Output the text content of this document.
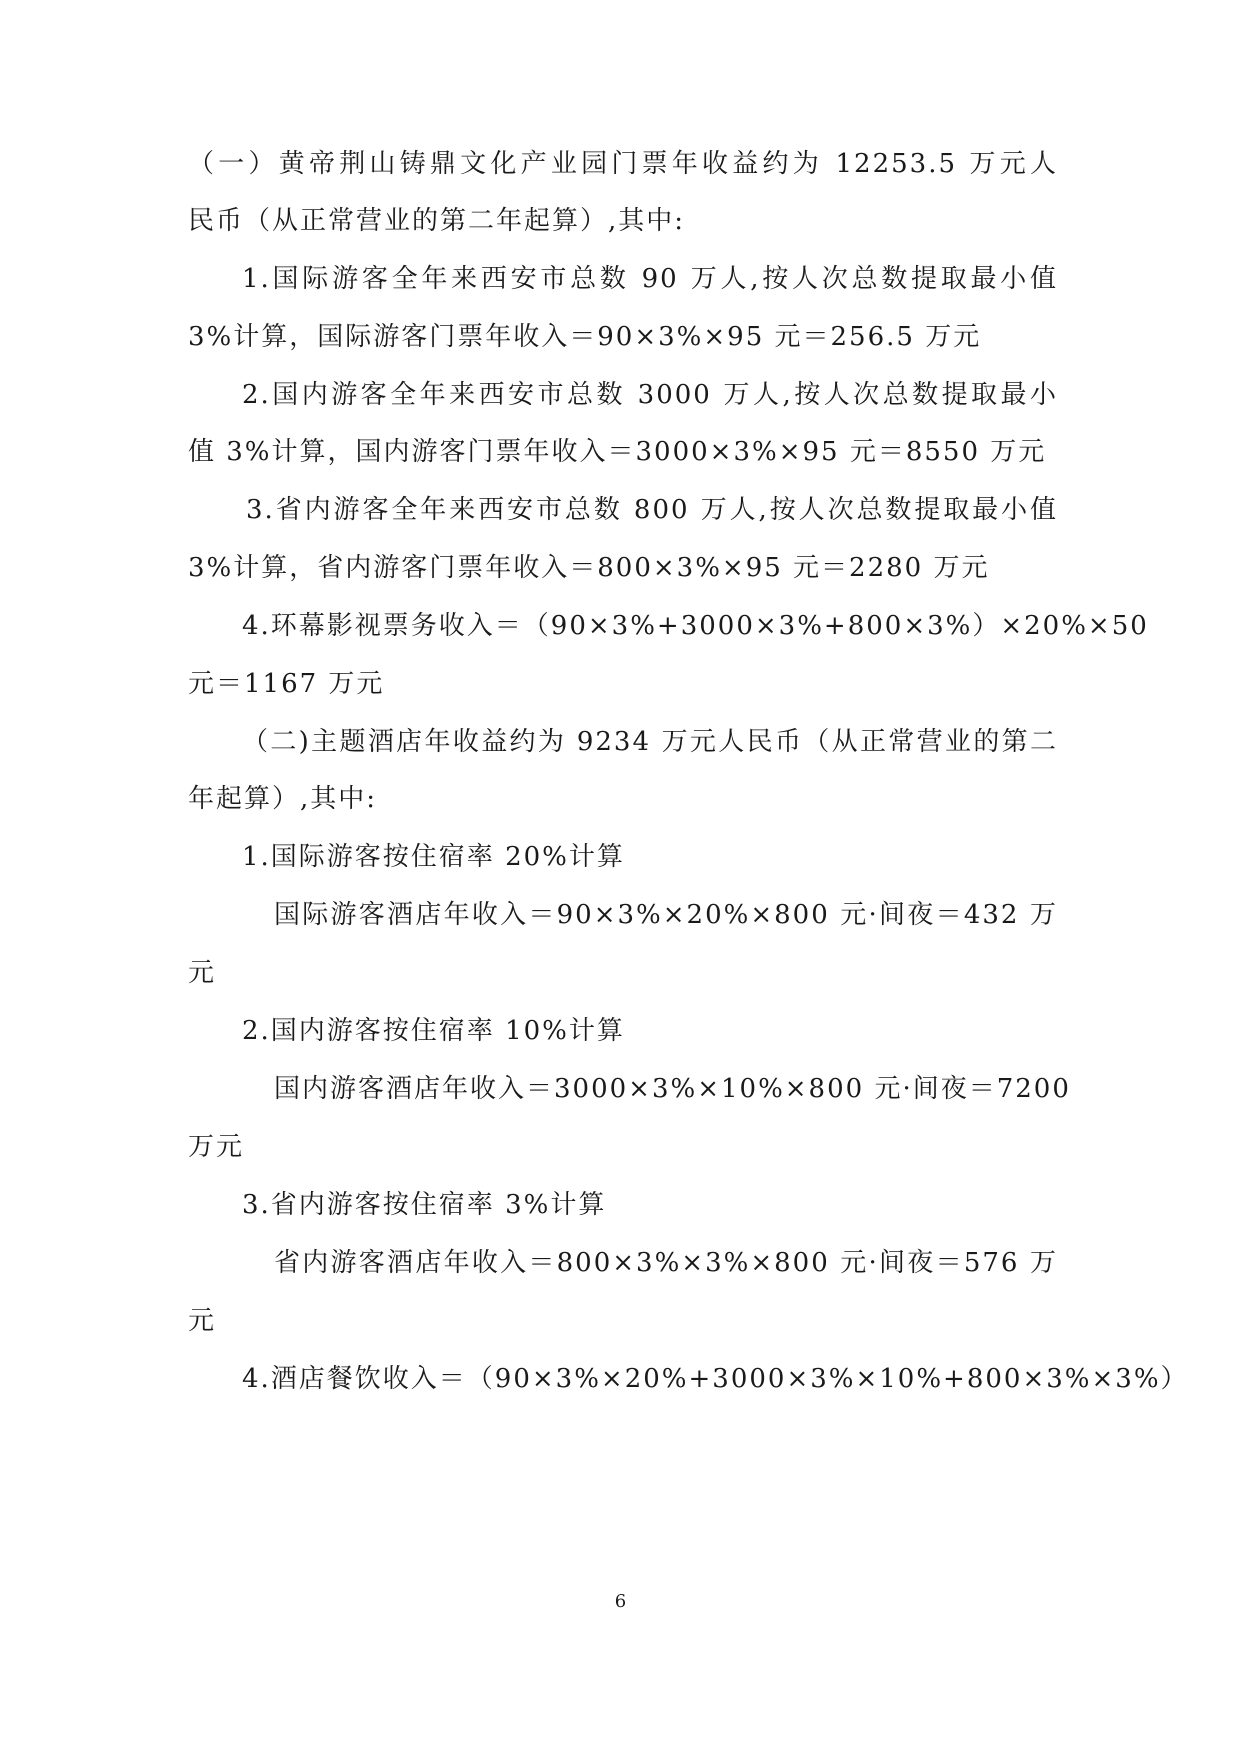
（一）黄帝荆山铸鼎文化产业园门票年收益约为 12253.5 万元人
民币（从正常营业的第二年起算）,其中:
1.国际游客全年来西安市总数 90 万人,按人次总数提取最小值
3%计算，国际游客门票年收入＝90×3%×95 元＝256.5 万元
2.国内游客全年来西安市总数 3000 万人,按人次总数提取最小
值 3%计算，国内游客门票年收入＝3000×3%×95 元＝8550 万元
3.省内游客全年来西安市总数 800 万人,按人次总数提取最小值
3%计算，省内游客门票年收入＝800×3%×95 元＝2280 万元
4.环幕影视票务收入＝（90×3%+3000×3%+800×3%）×20%×50
元＝1167 万元
（二)主题酒店年收益约为 9234 万元人民币（从正常营业的第二
年起算）,其中:
1.国际游客按住宿率 20%计算
国际游客酒店年收入＝90×3%×20%×800 元·间夜＝432 万
元
2.国内游客按住宿率 10%计算
国内游客酒店年收入＝3000×3%×10%×800 元·间夜＝7200
万元
3.省内游客按住宿率 3%计算
省内游客酒店年收入＝800×3%×3%×800 元·间夜＝576 万
元
4.酒店餐饮收入＝（90×3%×20%+3000×3%×10%+800×3%×3%）
6
